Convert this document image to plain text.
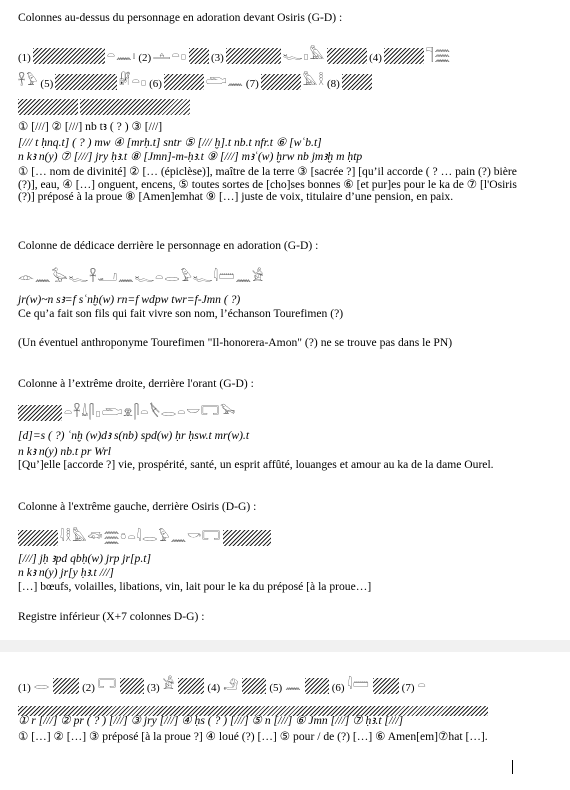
Colonnes au-dessus du personnage en adoration devant Osiris (G-D) :
(1)	𓏏𓈖𓏤 (2) 𓊵𓏏𓊪 (3)	𓆑𓊪𓅓	(4)	𓊹𓈗
𓋹𓅱 (5)	𓏞𓏏𓊪 (6)	𓂧𓈖 (7)	𓅓𓎛 (8)
① [///] ② [///] nb tꜣ ( ? ) ③ [///]
[/// t ḥnq.t] ( ? ) mw ④ [mrḥ.t] sntr ⑤ [/// ḫ].t nb.t nfr.t ⑥ [wʿb.t]
n kꜣ n(y) ⑦ [///] jry ḥꜣ.t ⑧ [Jmn]-m-ḥꜣ.t ⑨ [///] mꜣʿ(w) ḫrw nb jmꜣḫ m ḥtp
① [… nom de divinité] ② [… (épiclèse)], maître de la terre ③ [sacrée ?] [qu’il accorde ( ? … pain (?) bière (?)], eau, ④ […] onguent, encens, ⑤ toutes sortes de [cho]ses bonnes ⑥ [et pur]es pour le ka de ⑦ [l'Osiris (?)] préposé à la proue ⑧ [Amen]emhat ⑨ […] juste de voix, titulaire d’une pension, en paix.
Colonne de dédicace derrière le personnage en adoration (G-D) :
𓁹𓈖𓅭𓆑𓋹𓂝𓈖𓆑𓏏𓂋𓅱𓆑𓇋𓏠𓈖𓀀
jr(w)~n sꜣ=f sʿnḫ(w) rn=f wdpw twr=f-Jmn ( ?)
Ce qu’a fait son fils qui fait vivre son nom, l’échanson Tourefimen (?)
(Un éventuel anthroponyme Tourefimen "Il-honorera-Amon" (?) ne se trouve pas dans le PN)
Colonne à l’extrême droite, derrière l'orant (G-D) :
𓏏𓋹𓍑𓋴𓊪𓂧𓁷𓋴𓏏𓌸𓂋𓏏𓎟𓉐𓅨
[d]=s ( ?) ʿnḫ (w)dꜣ s(nb) spd(w) ḥr ḥsw.t mr(w).t
n kꜣ n(y) nb.t pr Wrl
[Qu’]elle [accorde ?] vie, prospérité, santé, un esprit affûté, louanges et amour au ka de la dame Ourel.
Colonne à l'extrême gauche, derrière Osiris (D-G) :
𓇋𓎛𓅓𓆛𓈗𓏌𓏏𓇋𓂋𓅱𓈖𓎡𓉐
[///] jḥ ꜣpd qbḥ(w) jrp jr[p.t]
n kꜣ n(y) jr[y ḥꜣ.t ///]
[…] bœufs, volailles, libations, vin, lait pour le ka du préposé [à la proue…]
Registre inférieur (X+7 colonnes D-G) :
(1) 𓂋	(2) 𓉐	(3) 𓀀	(4) 𓄂	(5) 𓈖	(6) 𓇋𓏠	(7) 𓏏
① r [///] ② pr ( ? ) [///] ③ jry [///] ④ ḥs ( ? ) [///] ⑤ n [///] ⑥ Jmn [///] ⑦ ḥꜣ.t [///]
① […] ② […] ③ préposé [à la proue ?] ④ loué (?) […] ⑤ pour / de (?) […] ⑥ Amen[em]⑦hat […].
